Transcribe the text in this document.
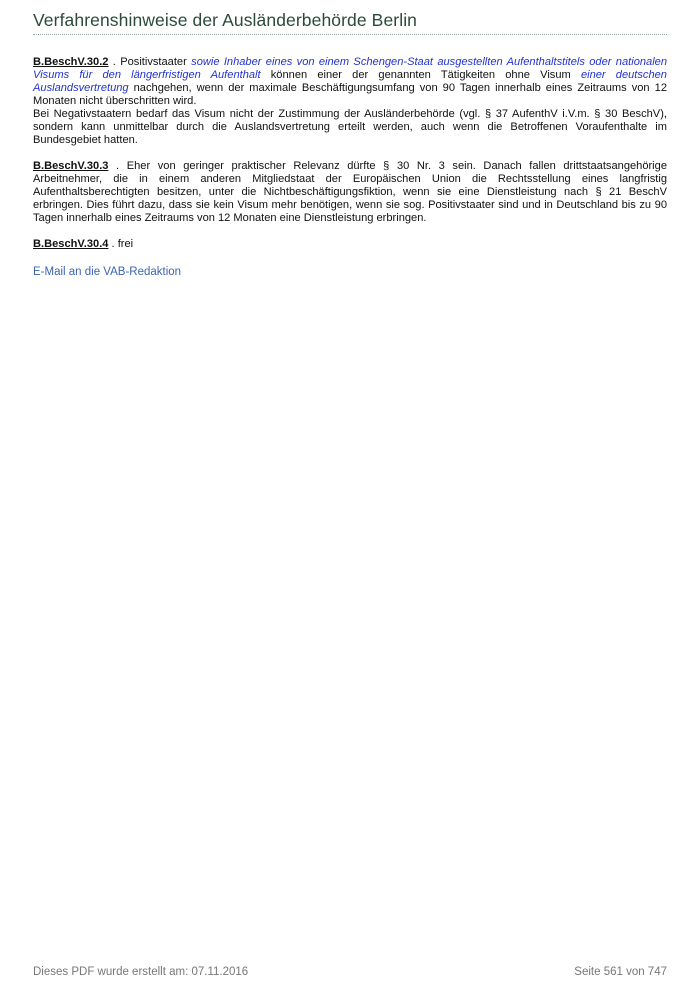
Verfahrenshinweise der Ausländerbehörde Berlin

B.BeschV.30.2 . Positivstaater sowie Inhaber eines von einem Schengen-Staat ausgestellten Aufenthaltstitels oder nationalen Visums für den längerfristigen Aufenthalt können einer der genannten Tätigkeiten ohne Visum einer deutschen Auslandsvertretung nachgehen, wenn der maximale Beschäftigungsumfang von 90 Tagen innerhalb eines Zeitraums von 12 Monaten nicht überschritten wird.

Bei Negativstaatern bedarf das Visum nicht der Zustimmung der Ausländerbehörde (vgl. § 37 AufenthV i.V.m. § 30 BeschV), sondern kann unmittelbar durch die Auslandsvertretung erteilt werden, auch wenn die Betroffenen Voraufenthalte im Bundesgebiet hatten.

B.BeschV.30.3 . Eher von geringer praktischer Relevanz dürfte § 30 Nr. 3 sein. Danach fallen drittstaatsangehörige Arbeitnehmer, die in einem anderen Mitgliedstaat der Europäischen Union die Rechtsstellung eines langfristig Aufenthaltsberechtigten besitzen, unter die Nichtbeschäftigungsfiktion, wenn sie eine Dienstleistung nach § 21 BeschV erbringen. Dies führt dazu, dass sie kein Visum mehr benötigen, wenn sie sog. Positivstaater sind und in Deutschland bis zu 90 Tagen innerhalb eines Zeitraums von 12 Monaten eine Dienstleistung erbringen.

B.BeschV.30.4 . frei

E-Mail an die VAB-Redaktion
Dieses PDF wurde erstellt am: 07.11.2016	Seite 561 von 747
